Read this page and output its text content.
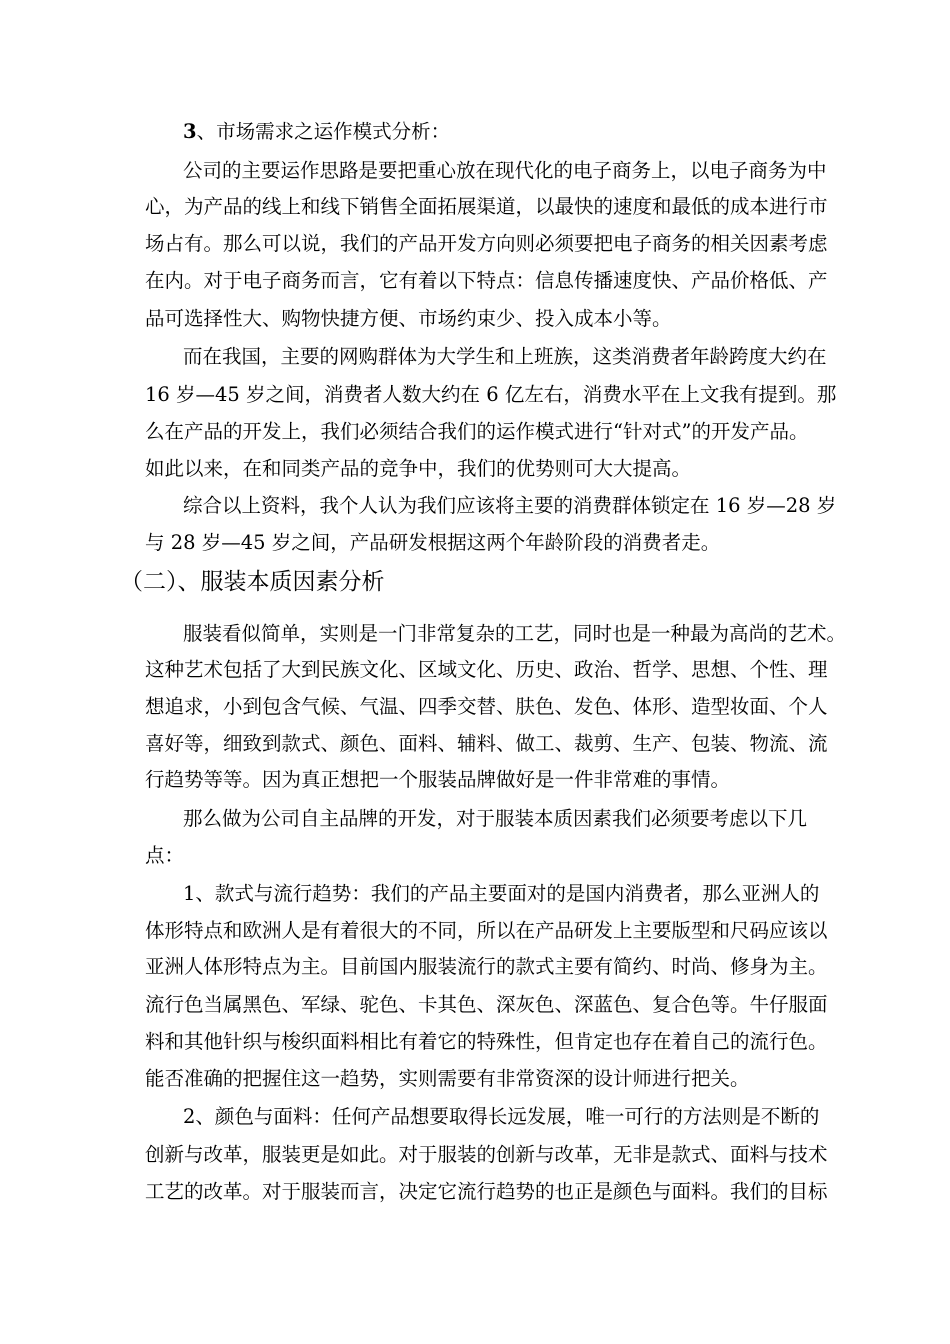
3、市场需求之运作模式分析：
公司的主要运作思路是要把重心放在现代化的电子商务上，以电子商务为中
心，为产品的线上和线下销售全面拓展渠道，以最快的速度和最低的成本进行市
场占有。那么可以说，我们的产品开发方向则必须要把电子商务的相关因素考虑
在内。对于电子商务而言，它有着以下特点：信息传播速度快、产品价格低、产
品可选择性大、购物快捷方便、市场约束少、投入成本小等。
而在我国，主要的网购群体为大学生和上班族，这类消费者年龄跨度大约在
16 岁—45 岁之间，消费者人数大约在 6 亿左右，消费水平在上文我有提到。那
么在产品的开发上，我们必须结合我们的运作模式进行“针对式”的开发产品。
如此以来，在和同类产品的竞争中，我们的优势则可大大提高。
综合以上资料，我个人认为我们应该将主要的消费群体锁定在 16 岁—28 岁
与 28 岁—45 岁之间，产品研发根据这两个年龄阶段的消费者走。
（二）、服装本质因素分析
服装看似简单，实则是一门非常复杂的工艺，同时也是一种最为高尚的艺术。
这种艺术包括了大到民族文化、区域文化、历史、政治、哲学、思想、个性、理
想追求，小到包含气候、气温、四季交替、肤色、发色、体形、造型妆面、个人
喜好等，细致到款式、颜色、面料、辅料、做工、裁剪、生产、包装、物流、流
行趋势等等。因为真正想把一个服装品牌做好是一件非常难的事情。
那么做为公司自主品牌的开发，对于服装本质因素我们必须要考虑以下几
点：
1、款式与流行趋势：我们的产品主要面对的是国内消费者，那么亚洲人的
体形特点和欧洲人是有着很大的不同，所以在产品研发上主要版型和尺码应该以
亚洲人体形特点为主。目前国内服装流行的款式主要有简约、时尚、修身为主。
流行色当属黑色、军绿、驼色、卡其色、深灰色、深蓝色、复合色等。牛仔服面
料和其他针织与梭织面料相比有着它的特殊性，但肯定也存在着自己的流行色。
能否准确的把握住这一趋势，实则需要有非常资深的设计师进行把关。
2、颜色与面料：任何产品想要取得长远发展，唯一可行的方法则是不断的
创新与改革，服装更是如此。对于服装的创新与改革，无非是款式、面料与技术
工艺的改革。对于服装而言，决定它流行趋势的也正是颜色与面料。我们的目标
